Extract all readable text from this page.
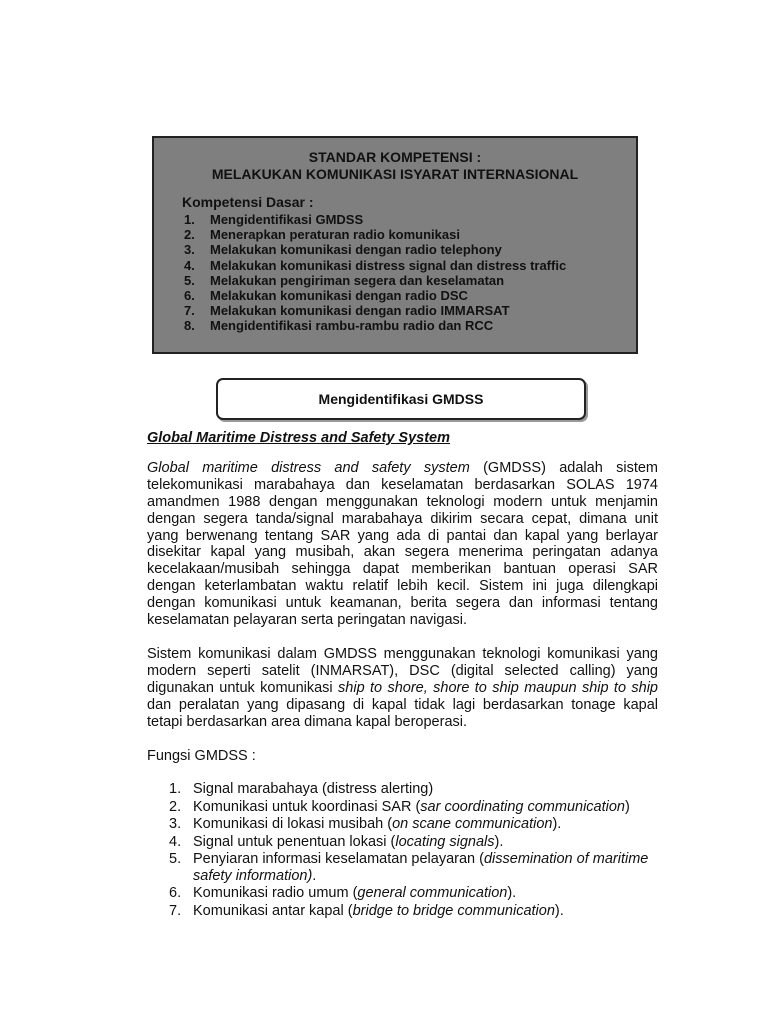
STANDAR KOMPETENSI :
MELAKUKAN KOMUNIKASI ISYARAT INTERNASIONAL
Kompetensi Dasar :
1.	Mengidentifikasi GMDSS
2.	Menerapkan peraturan radio komunikasi
3.	Melakukan komunikasi dengan radio telephony
4.	Melakukan komunikasi distress signal dan distress traffic
5.	Melakukan pengiriman segera dan keselamatan
6.	Melakukan komunikasi dengan radio DSC
7.	Melakukan komunikasi dengan radio IMMARSAT
8.	Mengidentifikasi rambu-rambu radio dan RCC
Mengidentifikasi GMDSS

Global Maritime Distress and Safety System

Global maritime distress and safety system (GMDSS) adalah sistem telekomunikasi marabahaya dan keselamatan berdasarkan SOLAS 1974 amandmen 1988 dengan menggunakan teknologi modern untuk menjamin dengan segera tanda/signal marabahaya dikirim secara cepat, dimana unit yang berwenang tentang SAR yang ada di pantai dan kapal yang berlayar disekitar kapal yang musibah, akan segera menerima peringatan adanya kecelakaan/musibah sehingga dapat memberikan bantuan operasi SAR dengan keterlambatan waktu relatif lebih kecil. Sistem ini juga dilengkapi dengan komunikasi untuk keamanan, berita segera dan informasi tentang keselamatan pelayaran serta peringatan navigasi.

Sistem komunikasi dalam GMDSS menggunakan teknologi komunikasi yang modern seperti satelit (INMARSAT), DSC (digital selected calling) yang digunakan untuk komunikasi ship to shore, shore to ship maupun ship to ship dan peralatan yang dipasang di kapal tidak lagi berdasarkan tonage kapal tetapi berdasarkan area dimana kapal beroperasi.

Fungsi GMDSS :

1. Signal marabahaya (distress alerting)
2. Komunikasi untuk koordinasi SAR (sar coordinating communication)
3. Komunikasi di lokasi musibah (on scane communication).
4. Signal untuk penentuan lokasi (locating signals).
5. Penyiaran informasi keselamatan pelayaran (dissemination of maritime safety information).
6. Komunikasi radio umum (general communication).
7. Komunikasi antar kapal (bridge to bridge communication).
